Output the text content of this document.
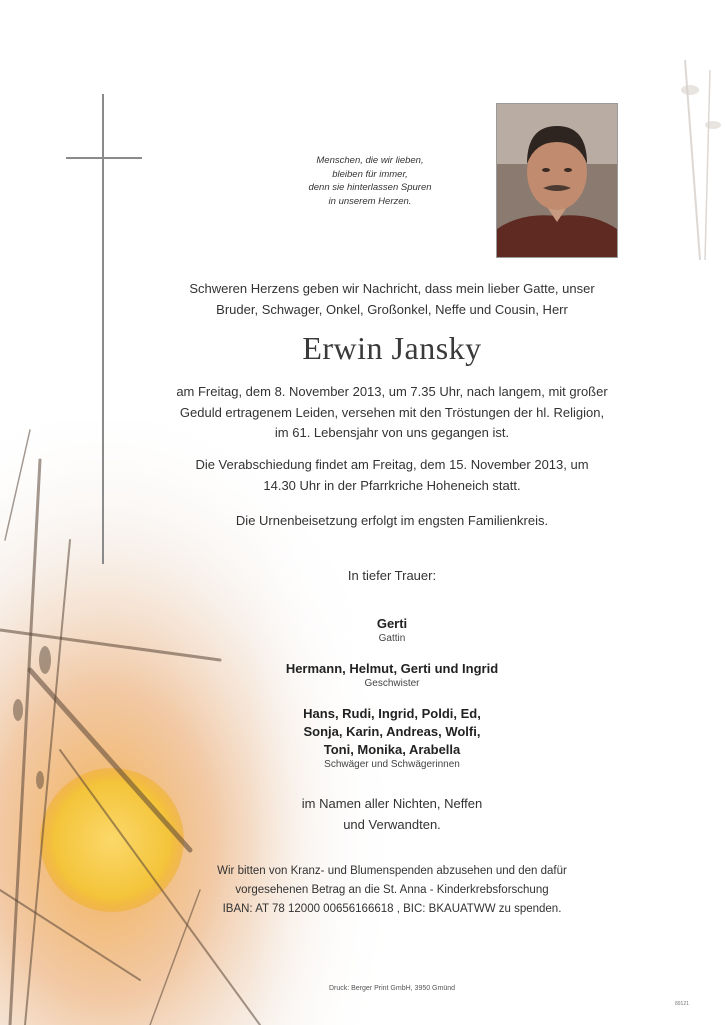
Menschen, die wir lieben,
bleiben für immer,
denn sie hinterlassen Spuren
in unserem Herzen.
Schweren Herzens geben wir Nachricht, dass mein lieber Gatte, unser
Bruder, Schwager, Onkel, Großonkel, Neffe und Cousin, Herr
Erwin Jansky
am Freitag, dem 8. November 2013, um 7.35 Uhr, nach langem, mit großer
Geduld ertragenem Leiden, versehen mit den Tröstungen der hl. Religion,
im 61. Lebensjahr von uns gegangen ist.
Die Verabschiedung findet am Freitag, dem 15. November 2013, um
14.30 Uhr in der Pfarrkriche Hoheneich statt.
Die Urnenbeisetzung erfolgt im engsten Familienkreis.
In tiefer Trauer:
Gerti
Gattin
Hermann, Helmut, Gerti und Ingrid
Geschwister
Hans, Rudi, Ingrid, Poldi, Ed,
Sonja, Karin, Andreas, Wolfi,
Toni, Monika, Arabella
Schwäger und Schwägerinnen
im Namen aller Nichten, Neffen
und Verwandten.
Wir bitten von Kranz- und Blumenspenden abzusehen und den dafür
vorgesehenen Betrag an die St. Anna - Kinderkrebsforschung
IBAN: AT 78 12000 00656166618 , BIC: BKAUATWW zu spenden.
Druck: Berger Print GmbH, 3950 Gmünd
89121
